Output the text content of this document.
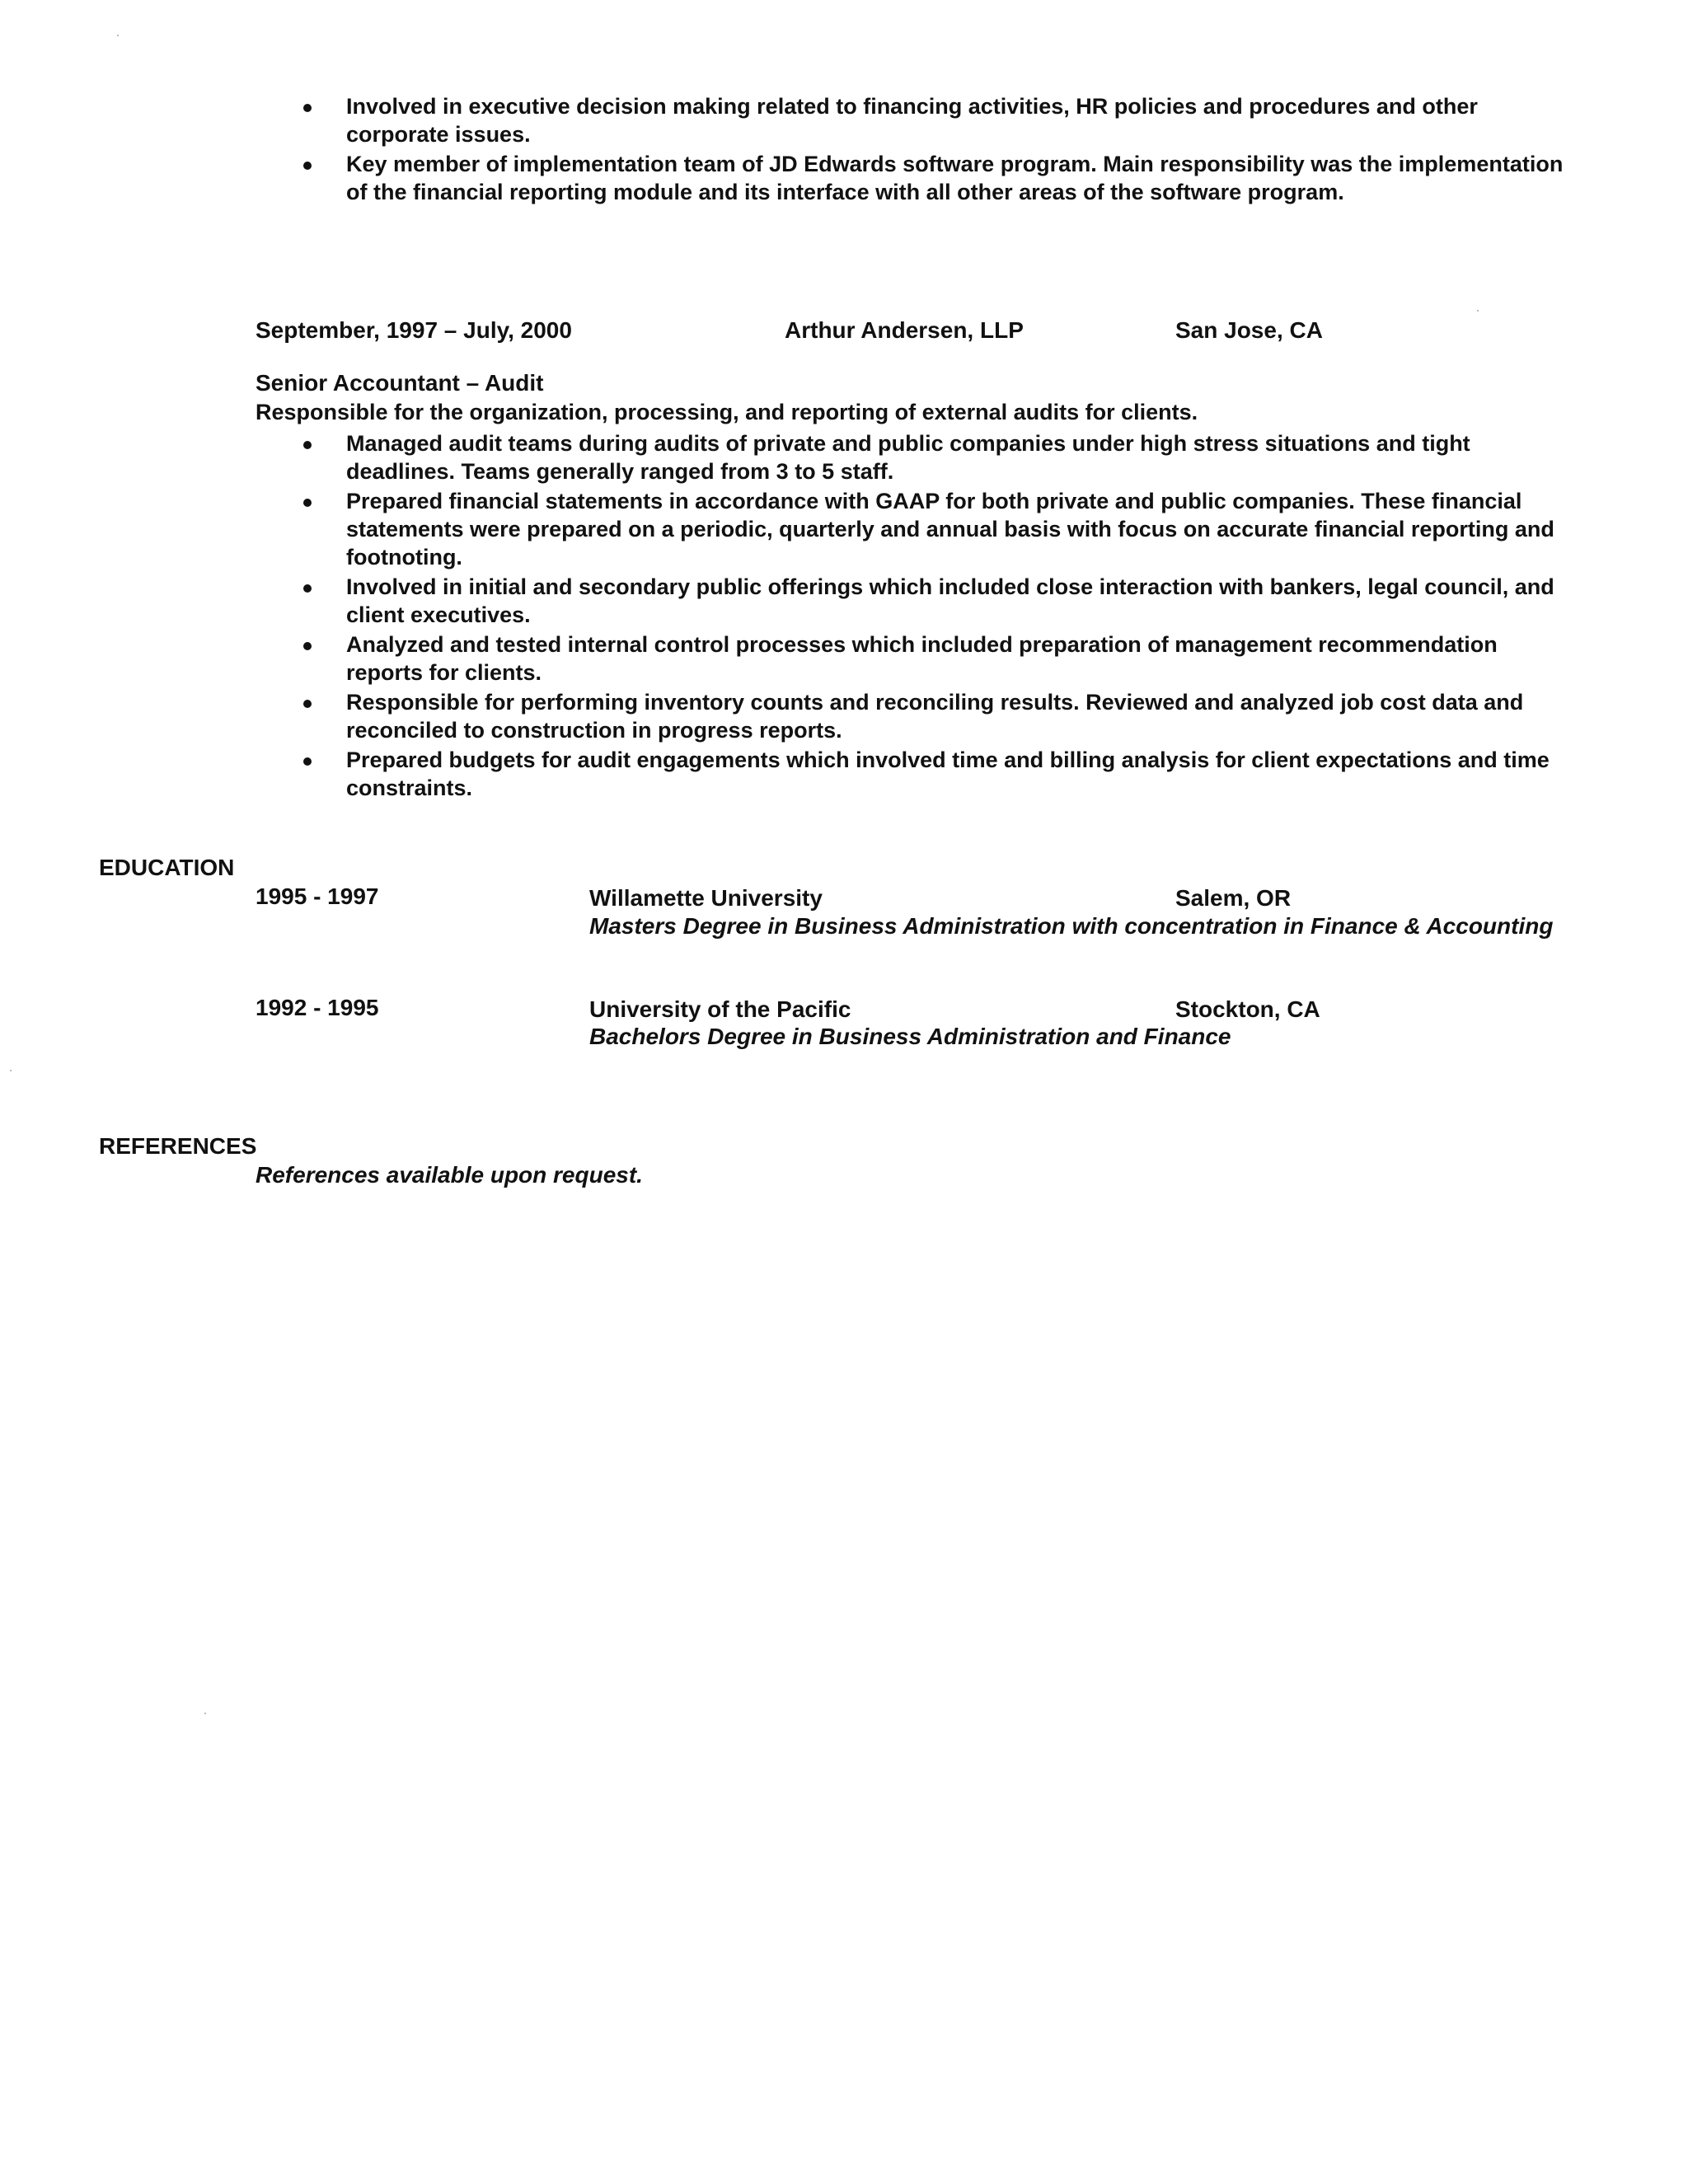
Involved in executive decision making related to financing activities, HR policies and procedures and other corporate issues.
Key member of implementation team of JD Edwards software program. Main responsibility was the implementation of the financial reporting module and its interface with all other areas of the software program.
September, 1997 – July, 2000	Arthur Andersen, LLP	San Jose, CA
Senior Accountant – Audit
Responsible for the organization, processing, and reporting of external audits for clients.
Managed audit teams during audits of private and public companies under high stress situations and tight deadlines. Teams generally ranged from 3 to 5 staff.
Prepared financial statements in accordance with GAAP for both private and public companies. These financial statements were prepared on a periodic, quarterly and annual basis with focus on accurate financial reporting and footnoting.
Involved in initial and secondary public offerings which included close interaction with bankers, legal council, and client executives.
Analyzed and tested internal control processes which included preparation of management recommendation reports for clients.
Responsible for performing inventory counts and reconciling results. Reviewed and analyzed job cost data and reconciled to construction in progress reports.
Prepared budgets for audit engagements which involved time and billing analysis for client expectations and time constraints.
EDUCATION
1995 - 1997	Willamette University	Salem, OR
Masters Degree in Business Administration with concentration in Finance & Accounting
1992 - 1995	University of the Pacific	Stockton, CA
Bachelors Degree in Business Administration and Finance
REFERENCES
References available upon request.
